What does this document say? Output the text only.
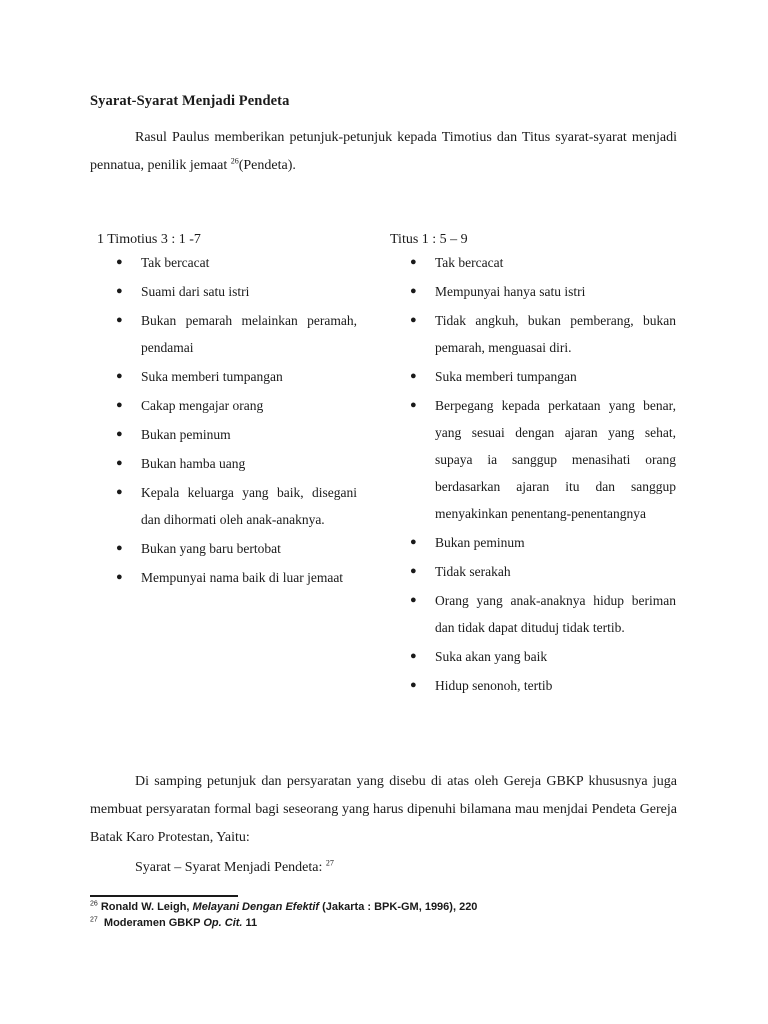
Syarat-Syarat Menjadi Pendeta
Rasul Paulus memberikan petunjuk-petunjuk kepada Timotius dan Titus syarat-syarat menjadi pennatua, penilik jemaat $^{26}$(Pendeta).
1 Timotius 3 : 1 -7
● Tak bercacat
● Suami dari satu istri
● Bukan pemarah melainkan peramah, pendamai
● Suka memberi tumpangan
● Cakap mengajar orang
● Bukan peminum
● Bukan hamba uang
● Kepala keluarga yang baik, disegani dan dihormati oleh anak-anaknya.
● Bukan yang baru bertobat
● Mempunyai nama baik di luar jemaat
Titus 1 : 5 – 9
● Tak bercacat
● Mempunyai hanya satu istri
● Tidak angkuh, bukan pemberang, bukan pemarah, menguasai diri.
● Suka memberi tumpangan
● Berpegang kepada perkataan yang benar, yang sesuai dengan ajaran yang sehat, supaya ia sanggup menasihati orang berdasarkan ajaran itu dan sanggup menyakinkan penentang-penentangnya
● Bukan peminum
● Tidak serakah
● Orang yang anak-anaknya hidup beriman dan tidak dapat dituduj tidak tertib.
● Suka akan yang baik
● Hidup senonoh, tertib
Di samping petunjuk dan persyaratan yang disebu di atas oleh Gereja GBKP khususnya juga membuat persyaratan formal bagi seseorang yang harus dipenuhi bilamana mau menjdai Pendeta Gereja Batak Karo Protestan, Yaitu:
Syarat – Syarat Menjadi Pendeta: $^{27}$
$^{26}$ Ronald W. Leigh, Melayani Dengan Efektif (Jakarta : BPK-GM, 1996), 220
$^{27}$ Moderamen GBKP Op. Cit. 11
